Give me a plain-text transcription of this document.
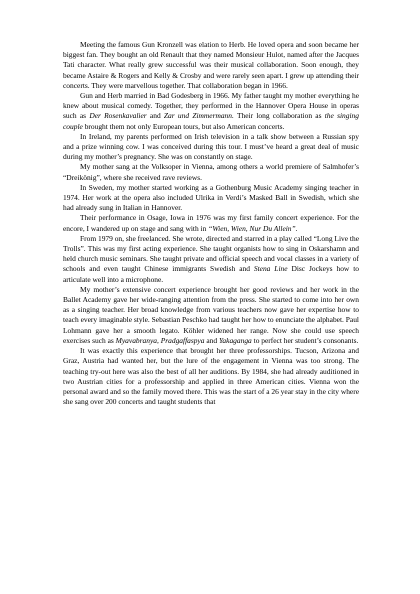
Meeting the famous Gun Kronzell was elation to Herb. He loved opera and soon became her biggest fan. They bought an old Renault that they named Monsieur Hulot, named after the Jacques Tati character. What really grew successful was their musical collaboration. Soon enough, they became Astaire & Rogers and Kelly & Crosby and were rarely seen apart. I grew up attending their concerts. They were marvellous together. That collaboration began in 1966.

Gun and Herb married in Bad Godesberg in 1966. My father taught my mother everything he knew about musical comedy. Together, they performed in the Hannover Opera House in operas such as Der Rosenkavalier and Zar und Zimmermann. Their long collaboration as the singing couple brought them not only European tours, but also American concerts.

In Ireland, my parents performed on Irish television in a talk show between a Russian spy and a prize winning cow. I was conceived during this tour. I must’ve heard a great deal of music during my mother’s pregnancy. She was on constantly on stage.

My mother sang at the Volksoper in Vienna, among others a world premiere of Salmhofer’s “Dreikönig”, where she received rave reviews.

In Sweden, my mother started working as a Gothenburg Music Academy singing teacher in 1974. Her work at the opera also included Ulrika in Verdi’s Masked Ball in Swedish, which she had already sung in Italian in Hannover.

Their performance in Osage, Iowa in 1976 was my first family concert experience. For the encore, I wandered up on stage and sang with in “Wien, Wien, Nur Du Allein”.

From 1979 on, she freelanced. She wrote, directed and starred in a play called “Long Live the Trolls”. This was my first acting experience. She taught organists how to sing in Oskarshamn and held church music seminars. She taught private and official speech and vocal classes in a variety of schools and even taught Chinese immigrants Swedish and Stena Line Disc Jockeys how to articulate well into a microphone.

My mother’s extensive concert experience brought her good reviews and her work in the Ballet Academy gave her wide-ranging attention from the press. She started to come into her own as a singing teacher. Her broad knowledge from various teachers now gave her expertise how to teach every imaginable style. Sebastian Peschko had taught her how to enunciate the alphabet. Paul Lohmann gave her a smooth legato. Köhler widened her range. Now she could use speech exercises such as Myavabranya, Pradgaffaspya and Yakaganga to perfect her student’s consonants.

It was exactly this experience that brought her three professorships. Tucson, Arizona and Graz, Austria had wanted her, but the lure of the engagement in Vienna was too strong. The teaching try-out here was also the best of all her auditions. By 1984, she had already auditioned in two Austrian cities for a professorship and applied in three American cities. Vienna won the personal award and so the family moved there. This was the start of a 26 year stay in the city where she sang over 200 concerts and taught students that
